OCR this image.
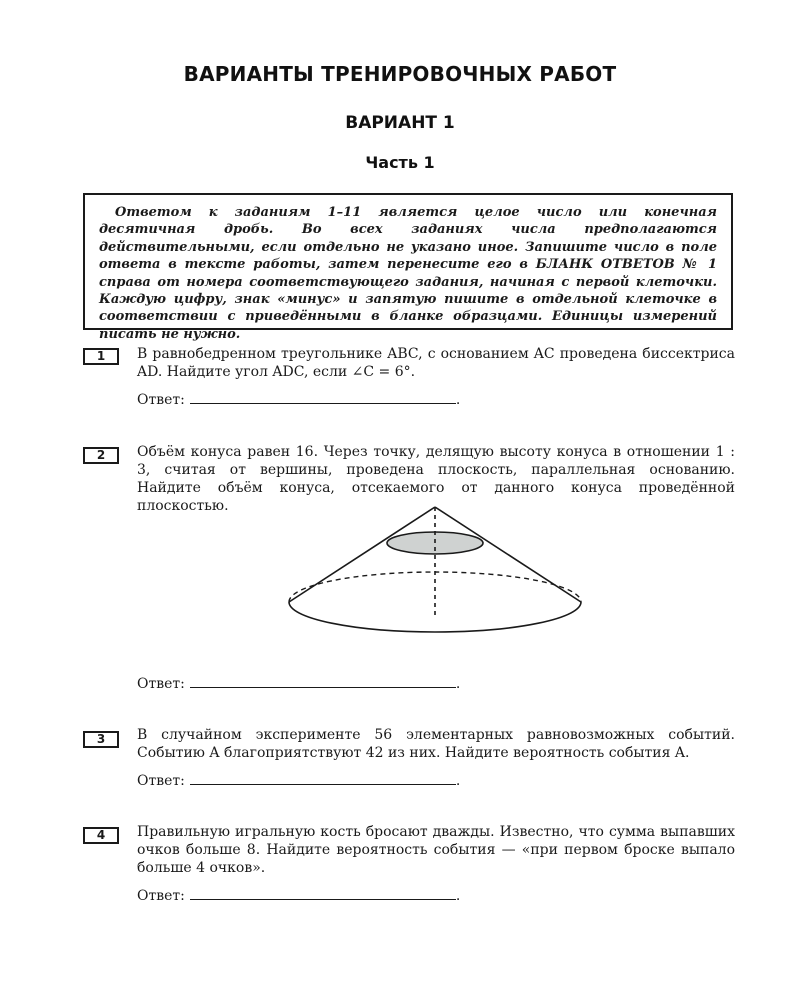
ВАРИАНТЫ ТРЕНИРОВОЧНЫХ РАБОТ
ВАРИАНТ 1
Часть 1
Ответом к заданиям 1–11 является целое число или конечная десятичная дробь. Во всех заданиях числа предполагаются действительными, если отдельно не указано иное. Запишите число в поле ответа в тексте работы, затем перенесите его в БЛАНК ОТВЕТОВ № 1 справа от номера соответствующего задания, начиная с первой клеточки. Каждую цифру, знак «минус» и запятую пишите в отдельной клеточке в соответствии с приведёнными в бланке образцами. Единицы измерений писать не нужно.
1	В равнобедренном треугольнике ABC, с основанием AC проведена биссектриса AD. Найдите угол ADC, если ∠C = 6°.
Ответ:	.
2	Объём конуса равен 16. Через точку, делящую высоту конуса в отношении 1 : 3, считая от вершины, проведена плоскость, параллельная основанию. Найдите объём конуса, отсекаемого от данного конуса проведённой плоскостью.
Ответ:	.
3	В случайном эксперименте 56 элементарных равновозможных событий. Событию A благоприятствуют 42 из них. Найдите вероятность события A.
Ответ:	.
4	Правильную игральную кость бросают дважды. Известно, что сумма выпавших очков больше 8. Найдите вероятность события — «при первом броске выпало больше 4 очков».
Ответ:	.
